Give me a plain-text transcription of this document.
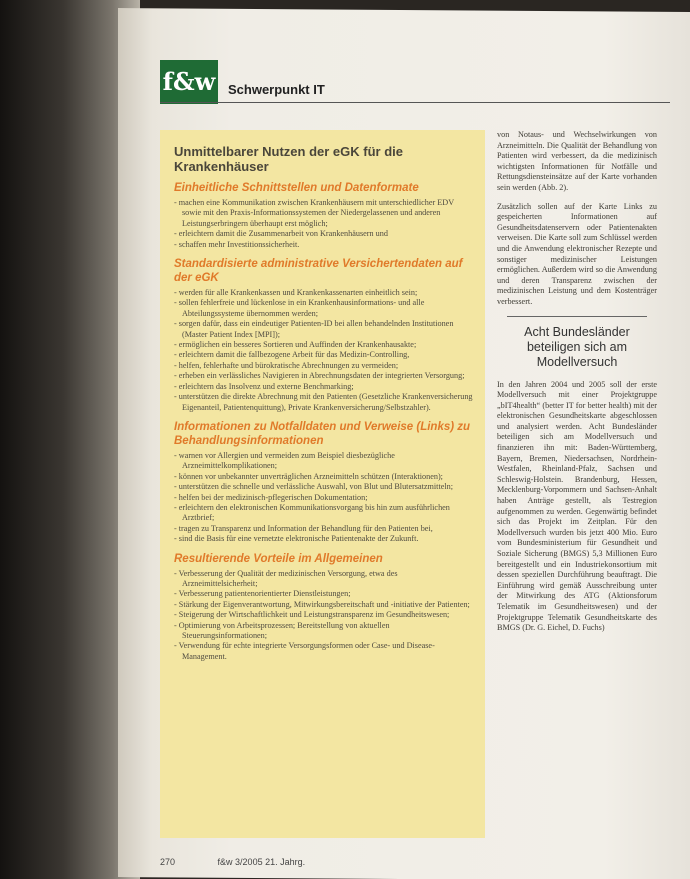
f&w Schwerpunkt IT
Unmittelbarer Nutzen der eGK für die Krankenhäuser
Einheitliche Schnittstellen und Datenformate
- machen eine Kommunikation zwischen Krankenhäusern mit unterschiedlicher EDV sowie mit den Praxis-Informationssystemen der Niedergelassenen und anderen Leistungserbringern überhaupt erst möglich;
- erleichtern damit die Zusammenarbeit von Krankenhäusern und
- schaffen mehr Investitionssicherheit.
Standardisierte administrative Versichertendaten auf der eGK
- werden für alle Krankenkassen und Krankenkassenarten einheitlich sein;
- sollen fehlerfreie und lückenlose in ein Krankenhausinformations- und alle Abteilungssysteme übernommen werden;
- sorgen dafür, dass ein eindeutiger Patienten-ID bei allen behandelnden Institutionen (Master Patient Index [MPI]);
- ermöglichen ein besseres Sortieren und Auffinden der Krankenhausakte;
- erleichtern damit die fallbezogene Arbeit für das Medizin-Controlling,
- helfen, fehlerhafte und bürokratische Abrechnungen zu vermeiden;
- erheben ein verlässliches Navigieren in Abrechnungsdaten der integrierten Versorgung;
- erleichtern das Insolvenz und externe Benchmarking;
- unterstützen die direkte Abrechnung mit den Patienten (Gesetzliche Krankenversicherung Eigenanteil, Patientenquittung), Private Krankenversicherung/Selbstzahler).
Informationen zu Notfalldaten und Verweise (Links) zu Behandlungsinformationen
- warnen vor Allergien und vermeiden zum Beispiel diesbezügliche Arzneimittelkomplikationen;
- können vor unbekannter unverträglichen Arzneimitteln schützen (Interaktionen);
- unterstützen die schnelle und verlässliche Auswahl, von Blut und Blutersatzmitteln;
- helfen bei der medizinisch-pflegerischen Dokumentation;
- erleichtern den elektronischen Kommunikationsvorgang bis hin zum ausführlichen Arztbrief;
- tragen zu Transparenz und Information der Behandlung für den Patienten bei,
- sind die Basis für eine vernetzte elektronische Patientenakte der Zukunft.
Resultierende Vorteile im Allgemeinen
- Verbesserung der Qualität der medizinischen Versorgung, etwa des Arzneimittelsicherheit;
- Verbesserung patientenorientierter Dienstleistungen;
- Stärkung der Eigenverantwortung, Mitwirkungsbereitschaft und -initiative der Patienten;
- Steigerung der Wirtschaftlichkeit und Leistungstransparenz im Gesundheitswesen;
- Optimierung von Arbeitsprozessen; Bereitstellung von aktuellen Steuerungsinformationen;
- Verwendung für echte integrierte Versorgungsformen oder Case- und Disease-Management.

von Notaus- und Wechselwirkungen von Arzneimitteln. Die Qualität der Behandlung von Patienten wird verbessert, da die medizinisch wichtigsten Informationen für Notfälle und Rettungsdiensteinsätze auf der Karte vorhanden sein werden (Abb. 2).

Zusätzlich sollen auf der Karte Links zu gespeicherten Informationen auf Gesundheitsdatenservern oder Patientenakten verweisen. Die Karte soll zum Schlüssel werden und die Anwendung elektronischer Rezepte und sonstiger medizinischer Leistungen ermöglichen. Außerdem wird so die Anwendung und deren Transparenz zwischen der medizinischen Leistung und dem Kostenträger verbessert.

Acht Bundesländer beteiligen sich am Modellversuch

In den Jahren 2004 und 2005 soll der erste Modellversuch mit einer Projektgruppe „bIT4health“ (better IT for better health) mit der elektronischen Gesundheitskarte abgeschlossen und analysiert werden. Acht Bundesländer beteiligen sich am Modellversuch und finanzieren ihn mit: Baden-Württemberg, Bayern, Bremen, Niedersachsen, Nordrhein-Westfalen, Rheinland-Pfalz, Sachsen und Schleswig-Holstein. Brandenburg, Hessen, Mecklenburg-Vorpommern und Sachsen-Anhalt haben Anträge gestellt, als Testregion aufgenommen zu werden. Gegenwärtig befindet sich das Projekt im Zeitplan. Für den Modellversuch wurden bis jetzt 400 Mio. Euro vom Bundesministerium für Gesundheit und Soziale Sicherung (BMGS) 5,3 Millionen Euro bereitgestellt und ein Industriekonsortium mit dessen speziellen Durchführung beauftragt. Die Einführung wird gemäß Ausschreibung unter der Mitwirkung des ATG (Aktionsforum Telematik im Gesundheitswesen) und der Projektgruppe Telematik Gesundheitskarte des BMGS (Dr. G. Eichel, D. Fuchs)

270	f&w 3/2005 21. Jahrg.
